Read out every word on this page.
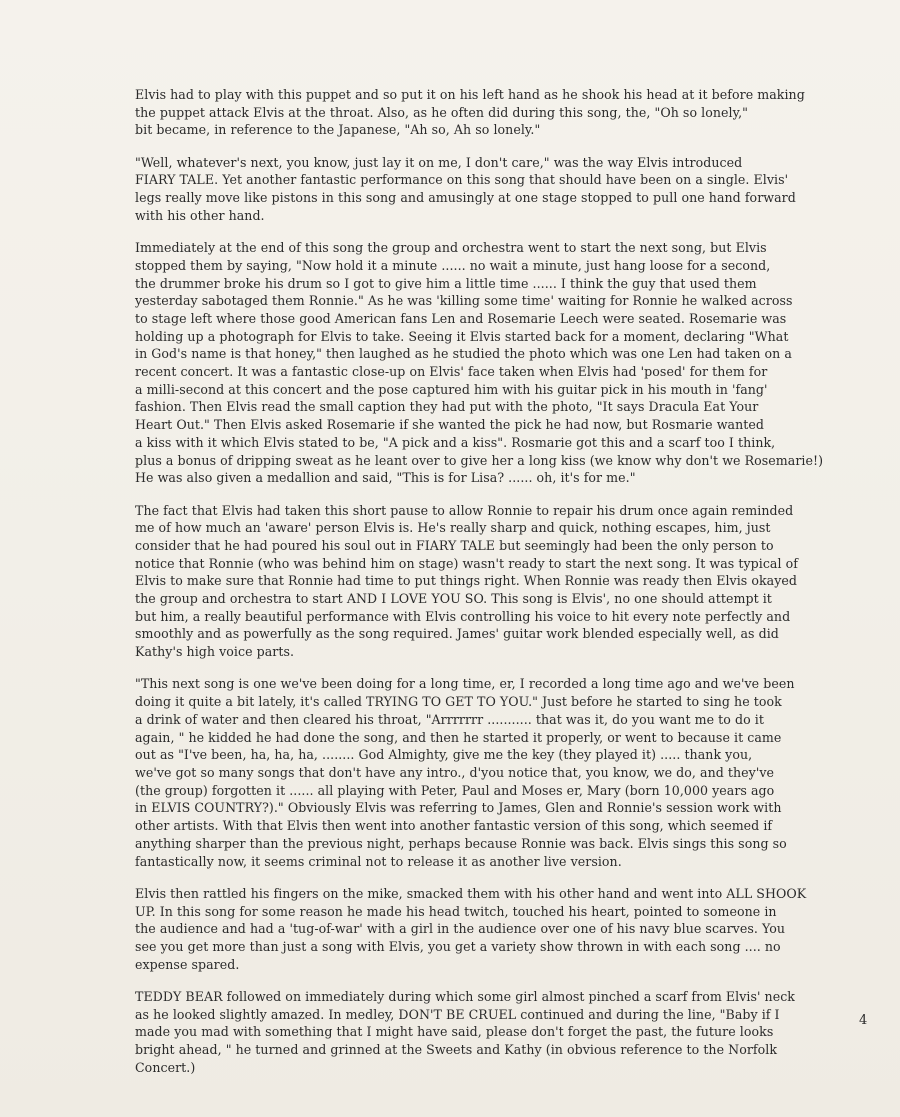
Elvis had to play with this puppet and so put it on his left hand as he shook his head at it before making
the puppet attack Elvis at the throat. Also, as he often did during this song, the, "Oh so lonely,"
bit became, in reference to the Japanese, "Ah so, Ah so lonely."

"Well, whatever's next, you know, just lay it on me, I don't care," was the way Elvis introduced
FIARY TALE. Yet another fantastic performance on this song that should have been on a single. Elvis'
legs really move like pistons in this song and amusingly at one stage stopped to pull one hand forward
with his other hand.

Immediately at the end of this song the group and orchestra went to start the next song, but Elvis
stopped them by saying, "Now hold it a minute ...... no wait a minute, just hang loose for a second,
the drummer broke his drum so I got to give him a little time ...... I think the guy that used them
yesterday sabotaged them Ronnie." As he was 'killing some time' waiting for Ronnie he walked across
to stage left where those good American fans Len and Rosemarie Leech were seated. Rosemarie was
holding up a photograph for Elvis to take. Seeing it Elvis started back for a moment, declaring "What
in God's name is that honey," then laughed as he studied the photo which was one Len had taken on a
recent concert. It was a fantastic close-up on Elvis' face taken when Elvis had 'posed' for them for
a milli-second at this concert and the pose captured him with his guitar pick in his mouth in 'fang'
fashion. Then Elvis read the small caption they had put with the photo, "It says Dracula Eat Your
Heart Out." Then Elvis asked Rosemarie if she wanted the pick he had now, but Rosmarie wanted
a kiss with it which Elvis stated to be, "A pick and a kiss". Rosmarie got this and a scarf too I think,
plus a bonus of dripping sweat as he leant over to give her a long kiss (we know why don't we Rosemarie!)
He was also given a medallion and said, "This is for Lisa? ...... oh, it's for me."

The fact that Elvis had taken this short pause to allow Ronnie to repair his drum once again reminded
me of how much an 'aware' person Elvis is. He's really sharp and quick, nothing escapes, him, just
consider that he had poured his soul out in FIARY TALE but seemingly had been the only person to
notice that Ronnie (who was behind him on stage) wasn't ready to start the next song. It was typical of
Elvis to make sure that Ronnie had time to put things right. When Ronnie was ready then Elvis okayed
the group and orchestra to start AND I LOVE YOU SO. This song is Elvis', no one should attempt it
but him, a really beautiful performance with Elvis controlling his voice to hit every note perfectly and
smoothly and as powerfully as the song required. James' guitar work blended especially well, as did
Kathy's high voice parts.

"This next song is one we've been doing for a long time, er, I recorded a long time ago and we've been
doing it quite a bit lately, it's called TRYING TO GET TO YOU." Just before he started to sing he took
a drink of water and then cleared his throat, "Arrrrrrr ........... that was it, do you want me to do it
again, " he kidded he had done the song, and then he started it properly, or went to because it came
out as "I've been, ha, ha, ha, ........ God Almighty, give me the key (they played it) ..... thank you,
we've got so many songs that don't have any intro., d'you notice that, you know, we do, and they've
(the group) forgotten it ...... all playing with Peter, Paul and Moses er, Mary (born 10,000 years ago
in ELVIS COUNTRY?)." Obviously Elvis was referring to James, Glen and Ronnie's session work with
other artists. With that Elvis then went into another fantastic version of this song, which seemed if
anything sharper than the previous night, perhaps because Ronnie was back. Elvis sings this song so
fantastically now, it seems criminal not to release it as another live version.

Elvis then rattled his fingers on the mike, smacked them with his other hand and went into ALL SHOOK
UP. In this song for some reason he made his head twitch, touched his heart, pointed to someone in
the audience and had a 'tug-of-war' with a girl in the audience over one of his navy blue scarves. You
see you get more than just a song with Elvis, you get a variety show thrown in with each song .... no
expense spared.

TEDDY BEAR followed on immediately during which some girl almost pinched a scarf from Elvis' neck
as he looked slightly amazed. In medley, DON'T BE CRUEL continued and during the line, "Baby if I
made you mad with something that I might have said, please don't forget the past, the future looks
bright ahead, " he turned and grinned at the Sweets and Kathy (in obvious reference to the Norfolk
Concert.)

4
